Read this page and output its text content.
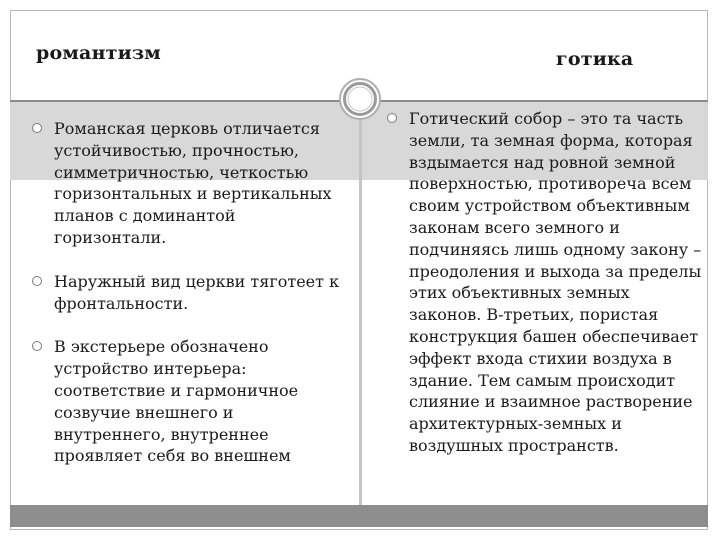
романтизм	готика
Романская церковь отличается устойчивостью, прочностью, симметричностью, четкостью горизонтальных и вертикальных планов с доминантой горизонтали.
Наружный вид церкви тяготеет к фронтальности.
В экстерьере обозначено устройство интерьера: соответствие и гармоничное созвучие внешнего и внутреннего, внутреннее проявляет себя во внешнем
Готический собор – это та часть земли, та земная форма, которая вздымается над ровной земной поверхностью, противореча всем своим устройством объективным законам всего земного и подчиняясь лишь одному закону – преодоления и выхода за пределы этих объективных земных законов. В-третьих, пористая конструкция башен обеспечивает эффект входа стихии воздуха в здание. Тем самым происходит слияние и взаимное растворение архитектурных-земных и воздушных пространств.
